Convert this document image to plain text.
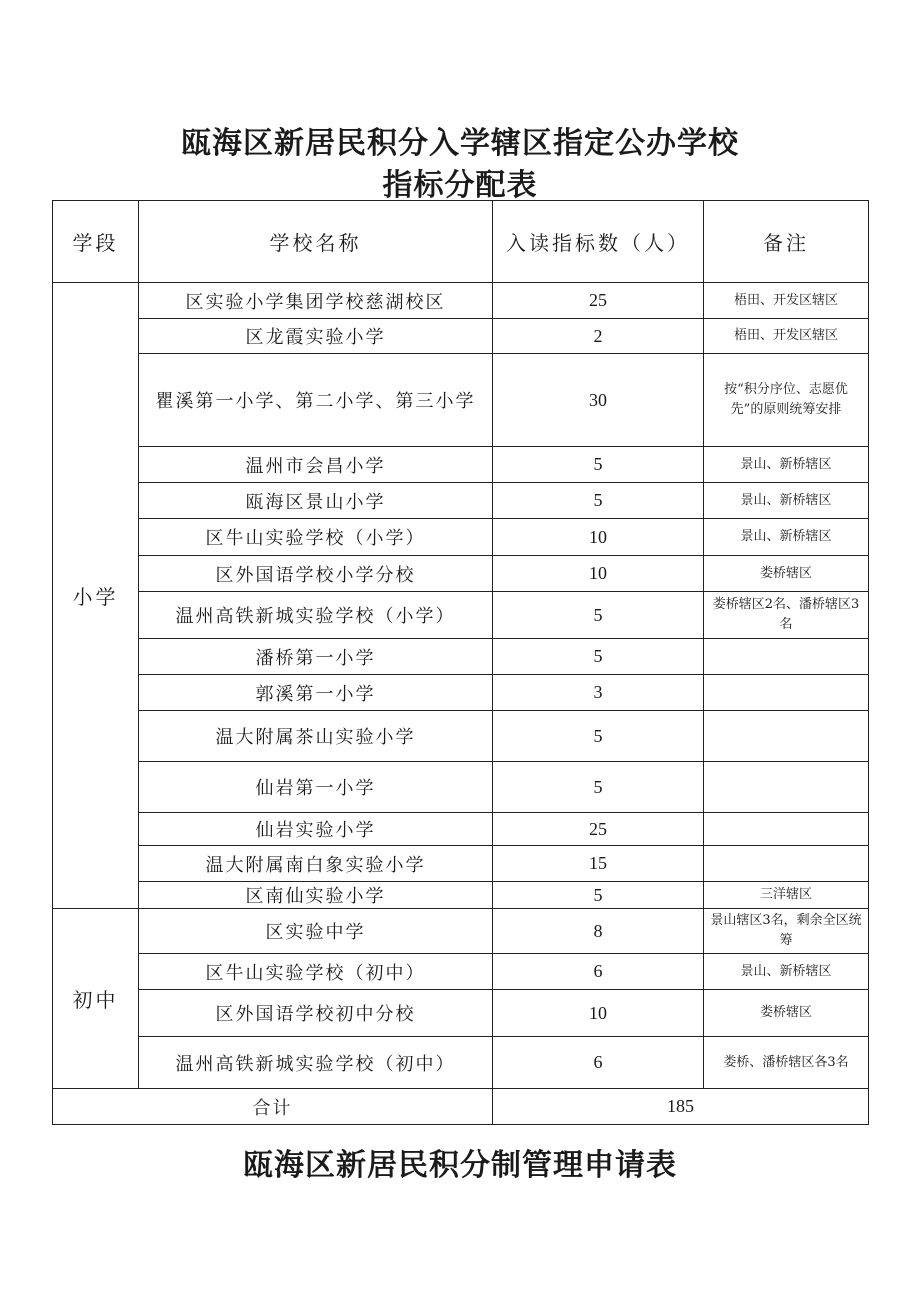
瓯海区新居民积分入学辖区指定公办学校
指标分配表
学段	学校名称	入读指标数（人）	备注
小学
区实验小学集团学校慈湖校区	25	梧田、开发区辖区
区龙霞实验小学	2	梧田、开发区辖区
瞿溪第一小学、第二小学、第三小学	30	按“积分序位、志愿优先”的原则统筹安排
温州市会昌小学	5	景山、新桥辖区
瓯海区景山小学	5	景山、新桥辖区
区牛山实验学校（小学）	10	景山、新桥辖区
区外国语学校小学分校	10	娄桥辖区
温州高铁新城实验学校（小学）	5	娄桥辖区2名、潘桥辖区3名
潘桥第一小学	5
郭溪第一小学	3
温大附属茶山实验小学	5
仙岩第一小学	5
仙岩实验小学	25
温大附属南白象实验小学	15
区南仙实验小学	5	三洋辖区
初中
区实验中学	8	景山辖区3名，剩余全区统筹
区牛山实验学校（初中）	6	景山、新桥辖区
区外国语学校初中分校	10	娄桥辖区
温州高铁新城实验学校（初中）	6	娄桥、潘桥辖区各3名
合计	185
瓯海区新居民积分制管理申请表
